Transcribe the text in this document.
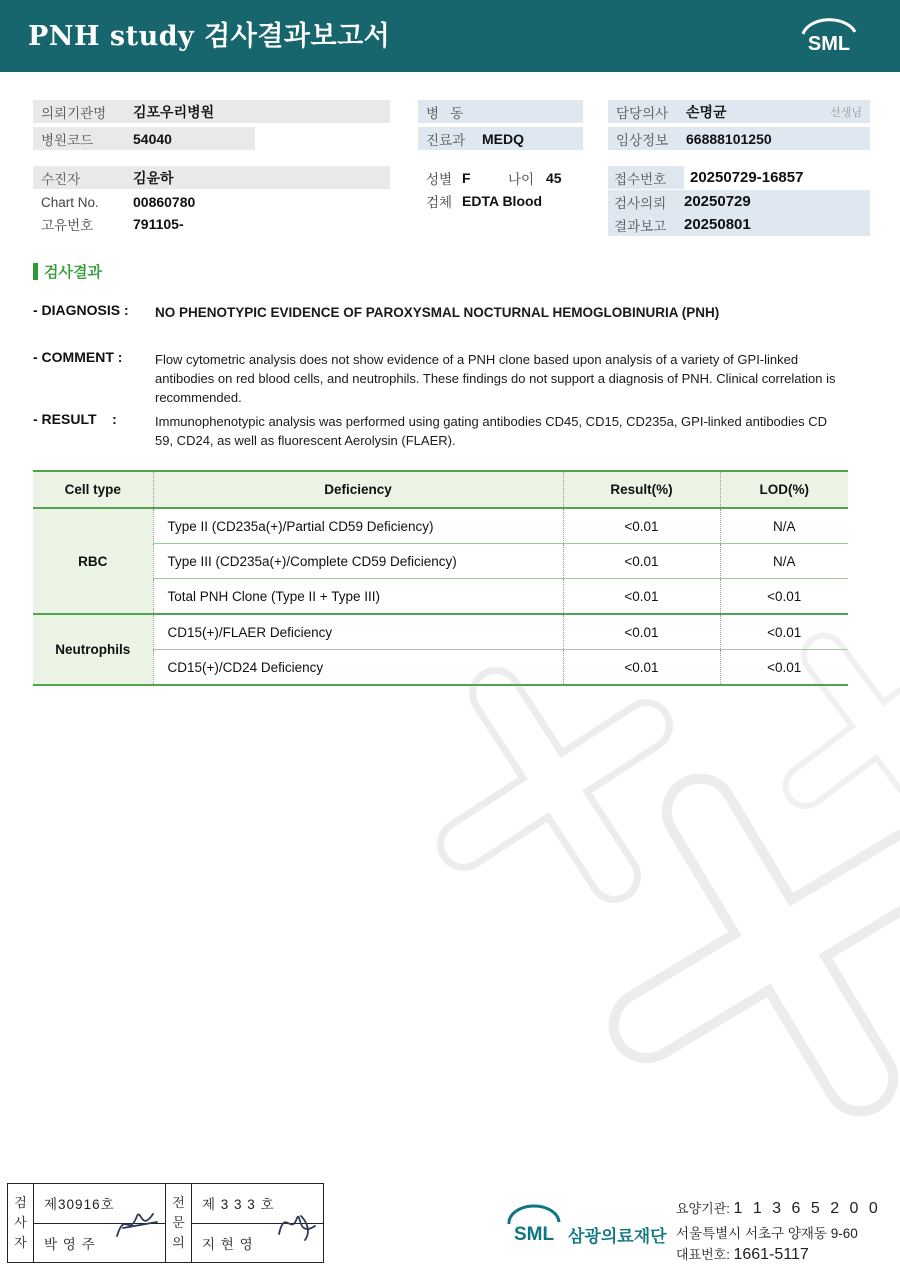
PNH study 검사결과보고서	SML
의뢰기관명	김포우리병원
병원코드	54040
수진자	김윤하
Chart No.	00860780
고유번호	791105-
병   동
진료과	MEDQ
성별 F	나이 45
검체 EDTA Blood
담당의사	손명균	선생님
임상정보	66888101250
접수번호 20250729-16857
검사의뢰	20250729
결과보고	20250801
검사결과
- DIAGNOSIS : NO PHENOTYPIC EVIDENCE OF PAROXYSMAL NOCTURNAL HEMOGLOBINURIA (PNH)
- COMMENT :	Flow cytometric analysis does not show evidence of a PNH clone based upon analysis of a variety of GPI-linked antibodies on red blood cells, and neutrophils. These findings do not support a diagnosis of PNH. Clinical correlation is recommended.
- RESULT    :	Immunophenotypic analysis was performed using gating antibodies CD45, CD15, CD235a, GPI-linked antibodies CD 59, CD24, as well as fluorescent Aerolysin (FLAER).
Cell type	Deficiency	Result(%)	LOD(%)
RBC	Type II (CD235a(+)/Partial CD59 Deficiency)	<0.01	N/A
	Type III (CD235a(+)/Complete CD59 Deficiency)	<0.01	N/A
	Total PNH Clone (Type II + Type III)	<0.01	<0.01
Neutrophils	CD15(+)/FLAER Deficiency	<0.01	<0.01
	CD15(+)/CD24 Deficiency	<0.01	<0.01
검사자
제30916호
박 영 주
전문의
제 3 3 3 호
지 현 영	SML 삼광의료재단
요양기관: 1 1 3 6 5 2 0 0
서울특별시 서초구 양재동 9-60
대표번호: 1661-5117
